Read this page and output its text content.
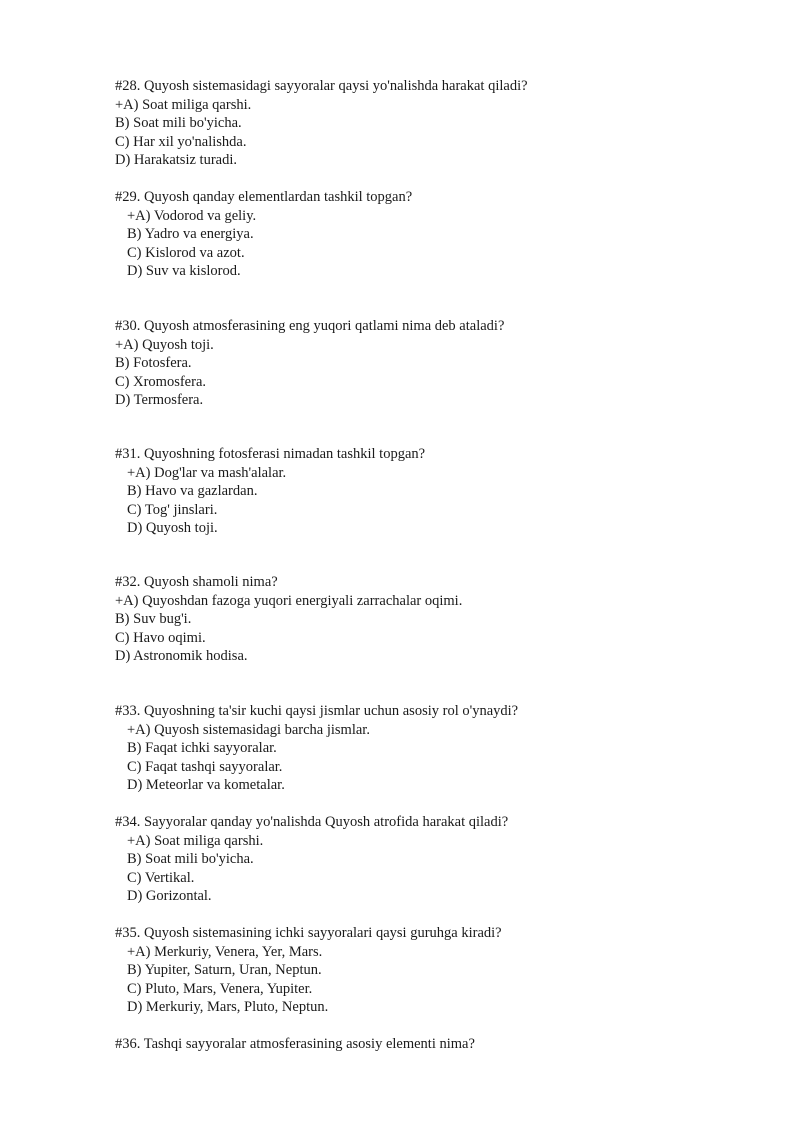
#28. Quyosh sistemasidagi sayyoralar qaysi yo'nalishda harakat qiladi?
+A) Soat miliga qarshi.
B) Soat mili bo'yicha.
C) Har xil yo'nalishda.
D) Harakatsiz turadi.
#29. Quyosh qanday elementlardan tashkil topgan?
+A) Vodorod va geliy.
B) Yadro va energiya.
C) Kislorod va azot.
D) Suv va kislorod.
#30. Quyosh atmosferasining eng yuqori qatlami nima deb ataladi?
+A) Quyosh toji.
B) Fotosfera.
C) Xromosfera.
D) Termosfera.
#31. Quyoshning fotosferasi nimadan tashkil topgan?
+A) Dog'lar va mash'alalar.
B) Havo va gazlardan.
C) Tog' jinslari.
D) Quyosh toji.
#32. Quyosh shamoli nima?
+A) Quyoshdan fazoga yuqori energiyali zarrachalar oqimi.
B) Suv bug'i.
C) Havo oqimi.
D) Astronomik hodisa.
#33. Quyoshning ta'sir kuchi qaysi jismlar uchun asosiy rol o'ynaydi?
+A) Quyosh sistemasidagi barcha jismlar.
B) Faqat ichki sayyoralar.
C) Faqat tashqi sayyoralar.
D) Meteorlar va kometalar.
#34. Sayyoralar qanday yo'nalishda Quyosh atrofida harakat qiladi?
+A) Soat miliga qarshi.
B) Soat mili bo'yicha.
C) Vertikal.
D) Gorizontal.
#35. Quyosh sistemasining ichki sayyoralari qaysi guruhga kiradi?
+A) Merkuriy, Venera, Yer, Mars.
B) Yupiter, Saturn, Uran, Neptun.
C) Pluto, Mars, Venera, Yupiter.
D) Merkuriy, Mars, Pluto, Neptun.
#36. Tashqi sayyoralar atmosferasining asosiy elementi nima?
